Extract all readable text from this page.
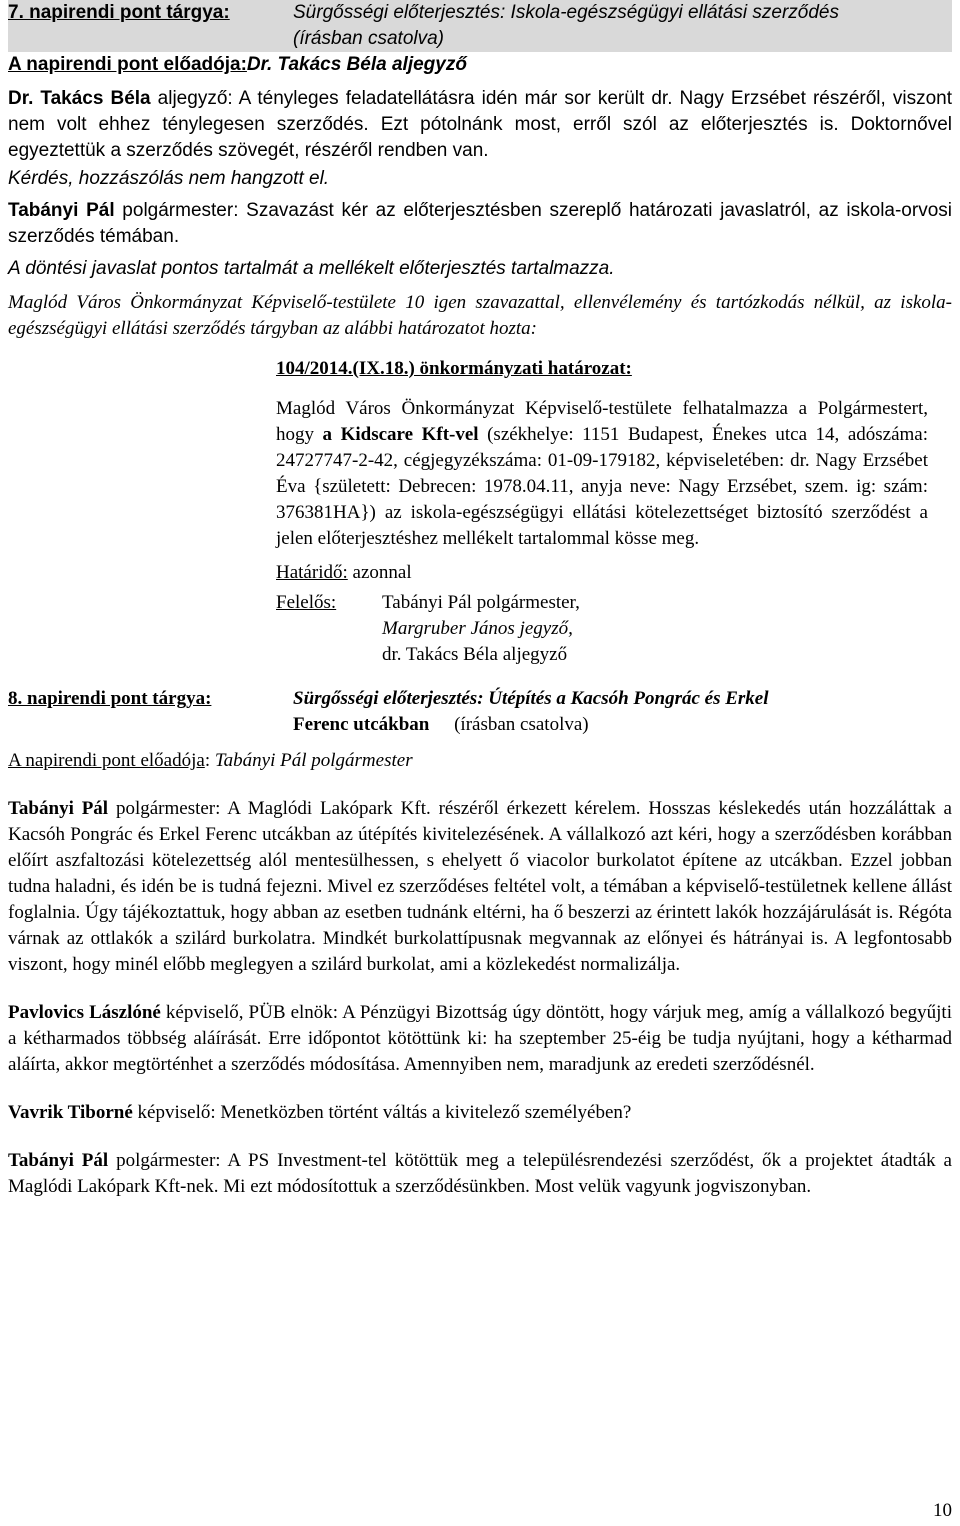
7. napirendi pont tárgya:	Sürgősségi előterjesztés: Iskola-egészségügyi ellátási szerződés
(írásban csatolva)
A napirendi pont előadója: Dr. Takács Béla aljegyző

Dr. Takács Béla aljegyző: A tényleges feladatellátásra idén már sor került dr. Nagy Erzsébet részéről, viszont nem volt ehhez ténylegesen szerződés. Ezt pótolnánk most, erről szól az előterjesztés is. Doktornővel egyeztettük a szerződés szövegét, részéről rendben van.

Kérdés, hozzászólás nem hangzott el.

Tabányi Pál polgármester: Szavazást kér az előterjesztésben szereplő határozati javaslatról, az iskola-orvosi szerződés témában.

A döntési javaslat pontos tartalmát a mellékelt előterjesztés tartalmazza.

Maglód Város Önkormányzat Képviselő-testülete 10 igen szavazattal, ellenvélemény és tartózkodás nélkül, az iskola-egészségügyi ellátási szerződés tárgyban az alábbi határozatot hozta:

104/2014.(IX.18.) önkormányzati határozat:

Maglód Város Önkormányzat Képviselő-testülete felhatalmazza a Polgármestert, hogy a Kidscare Kft-vel (székhelye: 1151 Budapest, Énekes utca 14, adószáma: 24727747-2-42, cégjegyzékszáma: 01-09-179182, képviseletében: dr. Nagy Erzsébet Éva {született: Debrecen: 1978.04.11, anyja neve: Nagy Erzsébet, szem. ig: szám: 376381HA}) az iskola-egészségügyi ellátási kötelezettséget biztosító szerződést a jelen előterjesztéshez mellékelt tartalommal kösse meg.

Határidő: azonnal
Felelős:	Tabányi Pál polgármester,
Margruber János jegyző,
dr. Takács Béla aljegyző
8. napirendi pont tárgya:	Sürgősségi előterjesztés: Útépítés a Kacsóh Pongrác és Erkel
Ferenc utcákban (írásban csatolva)
A napirendi pont előadója : Tabányi Pál polgármester

Tabányi Pál polgármester: A Maglódi Lakópark Kft. részéről érkezett kérelem. Hosszas késlekedés után hozzáláttak a Kacsóh Pongrác és Erkel Ferenc utcákban az útépítés kivitelezésének. A vállalkozó azt kéri, hogy a szerződésben korábban előírt aszfaltozási kötelezettség alól mentesülhessen, s ehelyett ő viacolor burkolatot építene az utcákban. Ezzel jobban tudna haladni, és idén be is tudná fejezni. Mivel ez szerződéses feltétel volt, a témában a képviselő-testületnek kellene állást foglalnia. Úgy tájékoztattuk, hogy abban az esetben tudnánk eltérni, ha ő beszerzi az érintett lakók hozzájárulását is. Régóta várnak az ottlakók a szilárd burkolatra. Mindkét burkolattípusnak megvannak az előnyei és hátrányai is. A legfontosabb viszont, hogy minél előbb meglegyen a szilárd burkolat, ami a közlekedést normalizálja.

Pavlovics Lászlóné képviselő, PÜB elnök: A Pénzügyi Bizottság úgy döntött, hogy várjuk meg, amíg a vállalkozó begyűjti a kétharmados többség aláírását. Erre időpontot kötöttünk ki: ha szeptember 25-éig be tudja nyújtani, hogy a kétharmad aláírta, akkor megtörténhet a szerződés módosítása. Amennyiben nem, maradjunk az eredeti szerződésnél.

Vavrik Tiborné képviselő: Menetközben történt váltás a kivitelező személyében?

Tabányi Pál polgármester: A PS Investment-tel kötöttük meg a településrendezési szerződést, ők a projektet átadták a Maglódi Lakópark Kft-nek. Mi ezt módosítottuk a szerződésünkben. Most velük vagyunk jogviszonyban.

10
